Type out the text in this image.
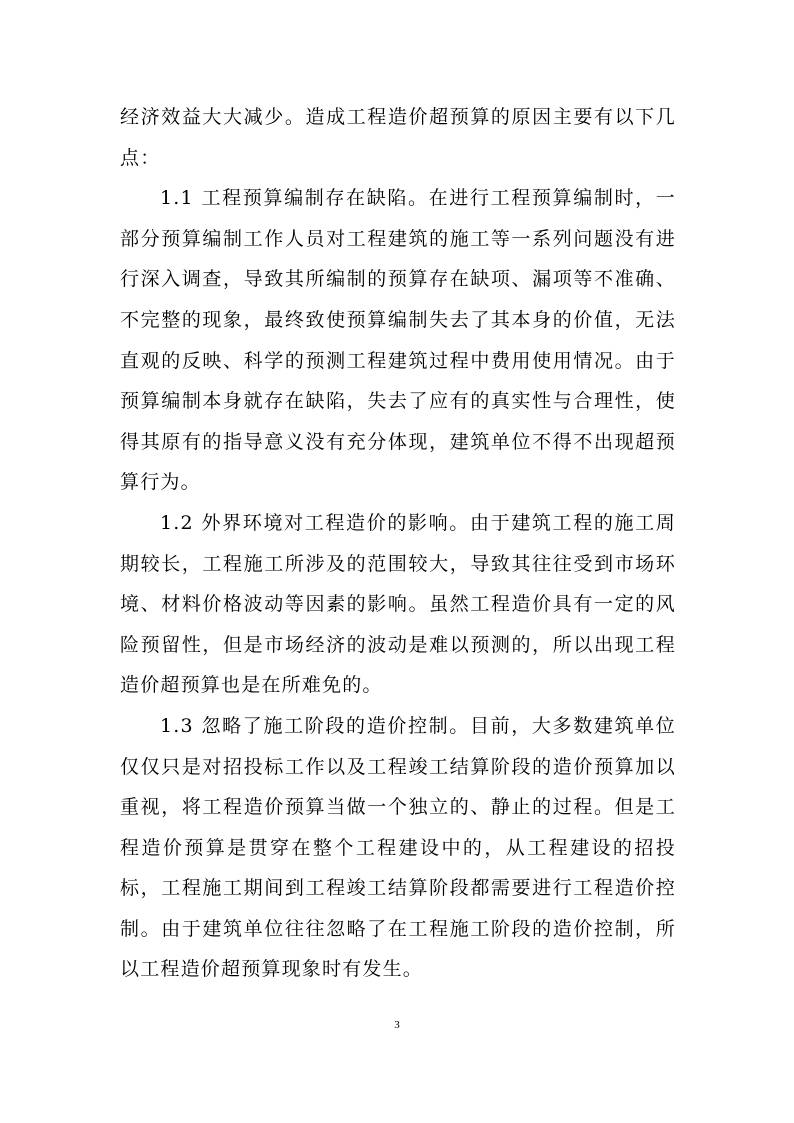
经济效益大大减少。造成工程造价超预算的原因主要有以下几点：

1.1 工程预算编制存在缺陷。在进行工程预算编制时，一部分预算编制工作人员对工程建筑的施工等一系列问题没有进行深入调查，导致其所编制的预算存在缺项、漏项等不准确、不完整的现象，最终致使预算编制失去了其本身的价值，无法直观的反映、科学的预测工程建筑过程中费用使用情况。由于预算编制本身就存在缺陷，失去了应有的真实性与合理性，使得其原有的指导意义没有充分体现，建筑单位不得不出现超预算行为。

1.2 外界环境对工程造价的影响。由于建筑工程的施工周期较长，工程施工所涉及的范围较大，导致其往往受到市场环境、材料价格波动等因素的影响。虽然工程造价具有一定的风险预留性，但是市场经济的波动是难以预测的，所以出现工程造价超预算也是在所难免的。

1.3 忽略了施工阶段的造价控制。目前，大多数建筑单位仅仅只是对招投标工作以及工程竣工结算阶段的造价预算加以重视，将工程造价预算当做一个独立的、静止的过程。但是工程造价预算是贯穿在整个工程建设中的，从工程建设的招投标，工程施工期间到工程竣工结算阶段都需要进行工程造价控制。由于建筑单位往往忽略了在工程施工阶段的造价控制，所以工程造价超预算现象时有发生。

3
